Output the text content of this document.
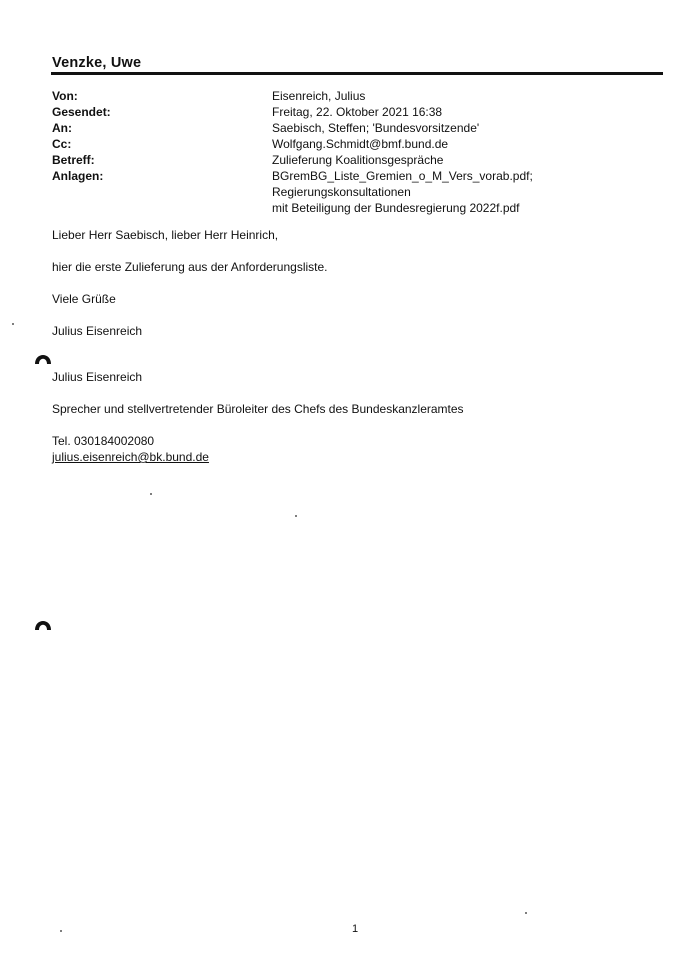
Venzke, Uwe
Von:	Eisenreich, Julius
Gesendet:	Freitag, 22. Oktober 2021 16:38
An:	Saebisch, Steffen; 'Bundesvorsitzende'
Cc:	Wolfgang.Schmidt@bmf.bund.de
Betreff:	Zulieferung Koalitionsgespräche
Anlagen:	BGremBG_Liste_Gremien_o_M_Vers_vorab.pdf; Regierungskonsultationen
mit Beteiligung der Bundesregierung 2022f.pdf

Lieber Herr Saebisch, lieber Herr Heinrich,

hier die erste Zulieferung aus der Anforderungsliste.

Viele Grüße

Julius Eisenreich

Julius Eisenreich

Sprecher und stellvertretender Büroleiter des Chefs des Bundeskanzleramtes

Tel. 030184002080

julius.eisenreich@bk.bund.de

1
